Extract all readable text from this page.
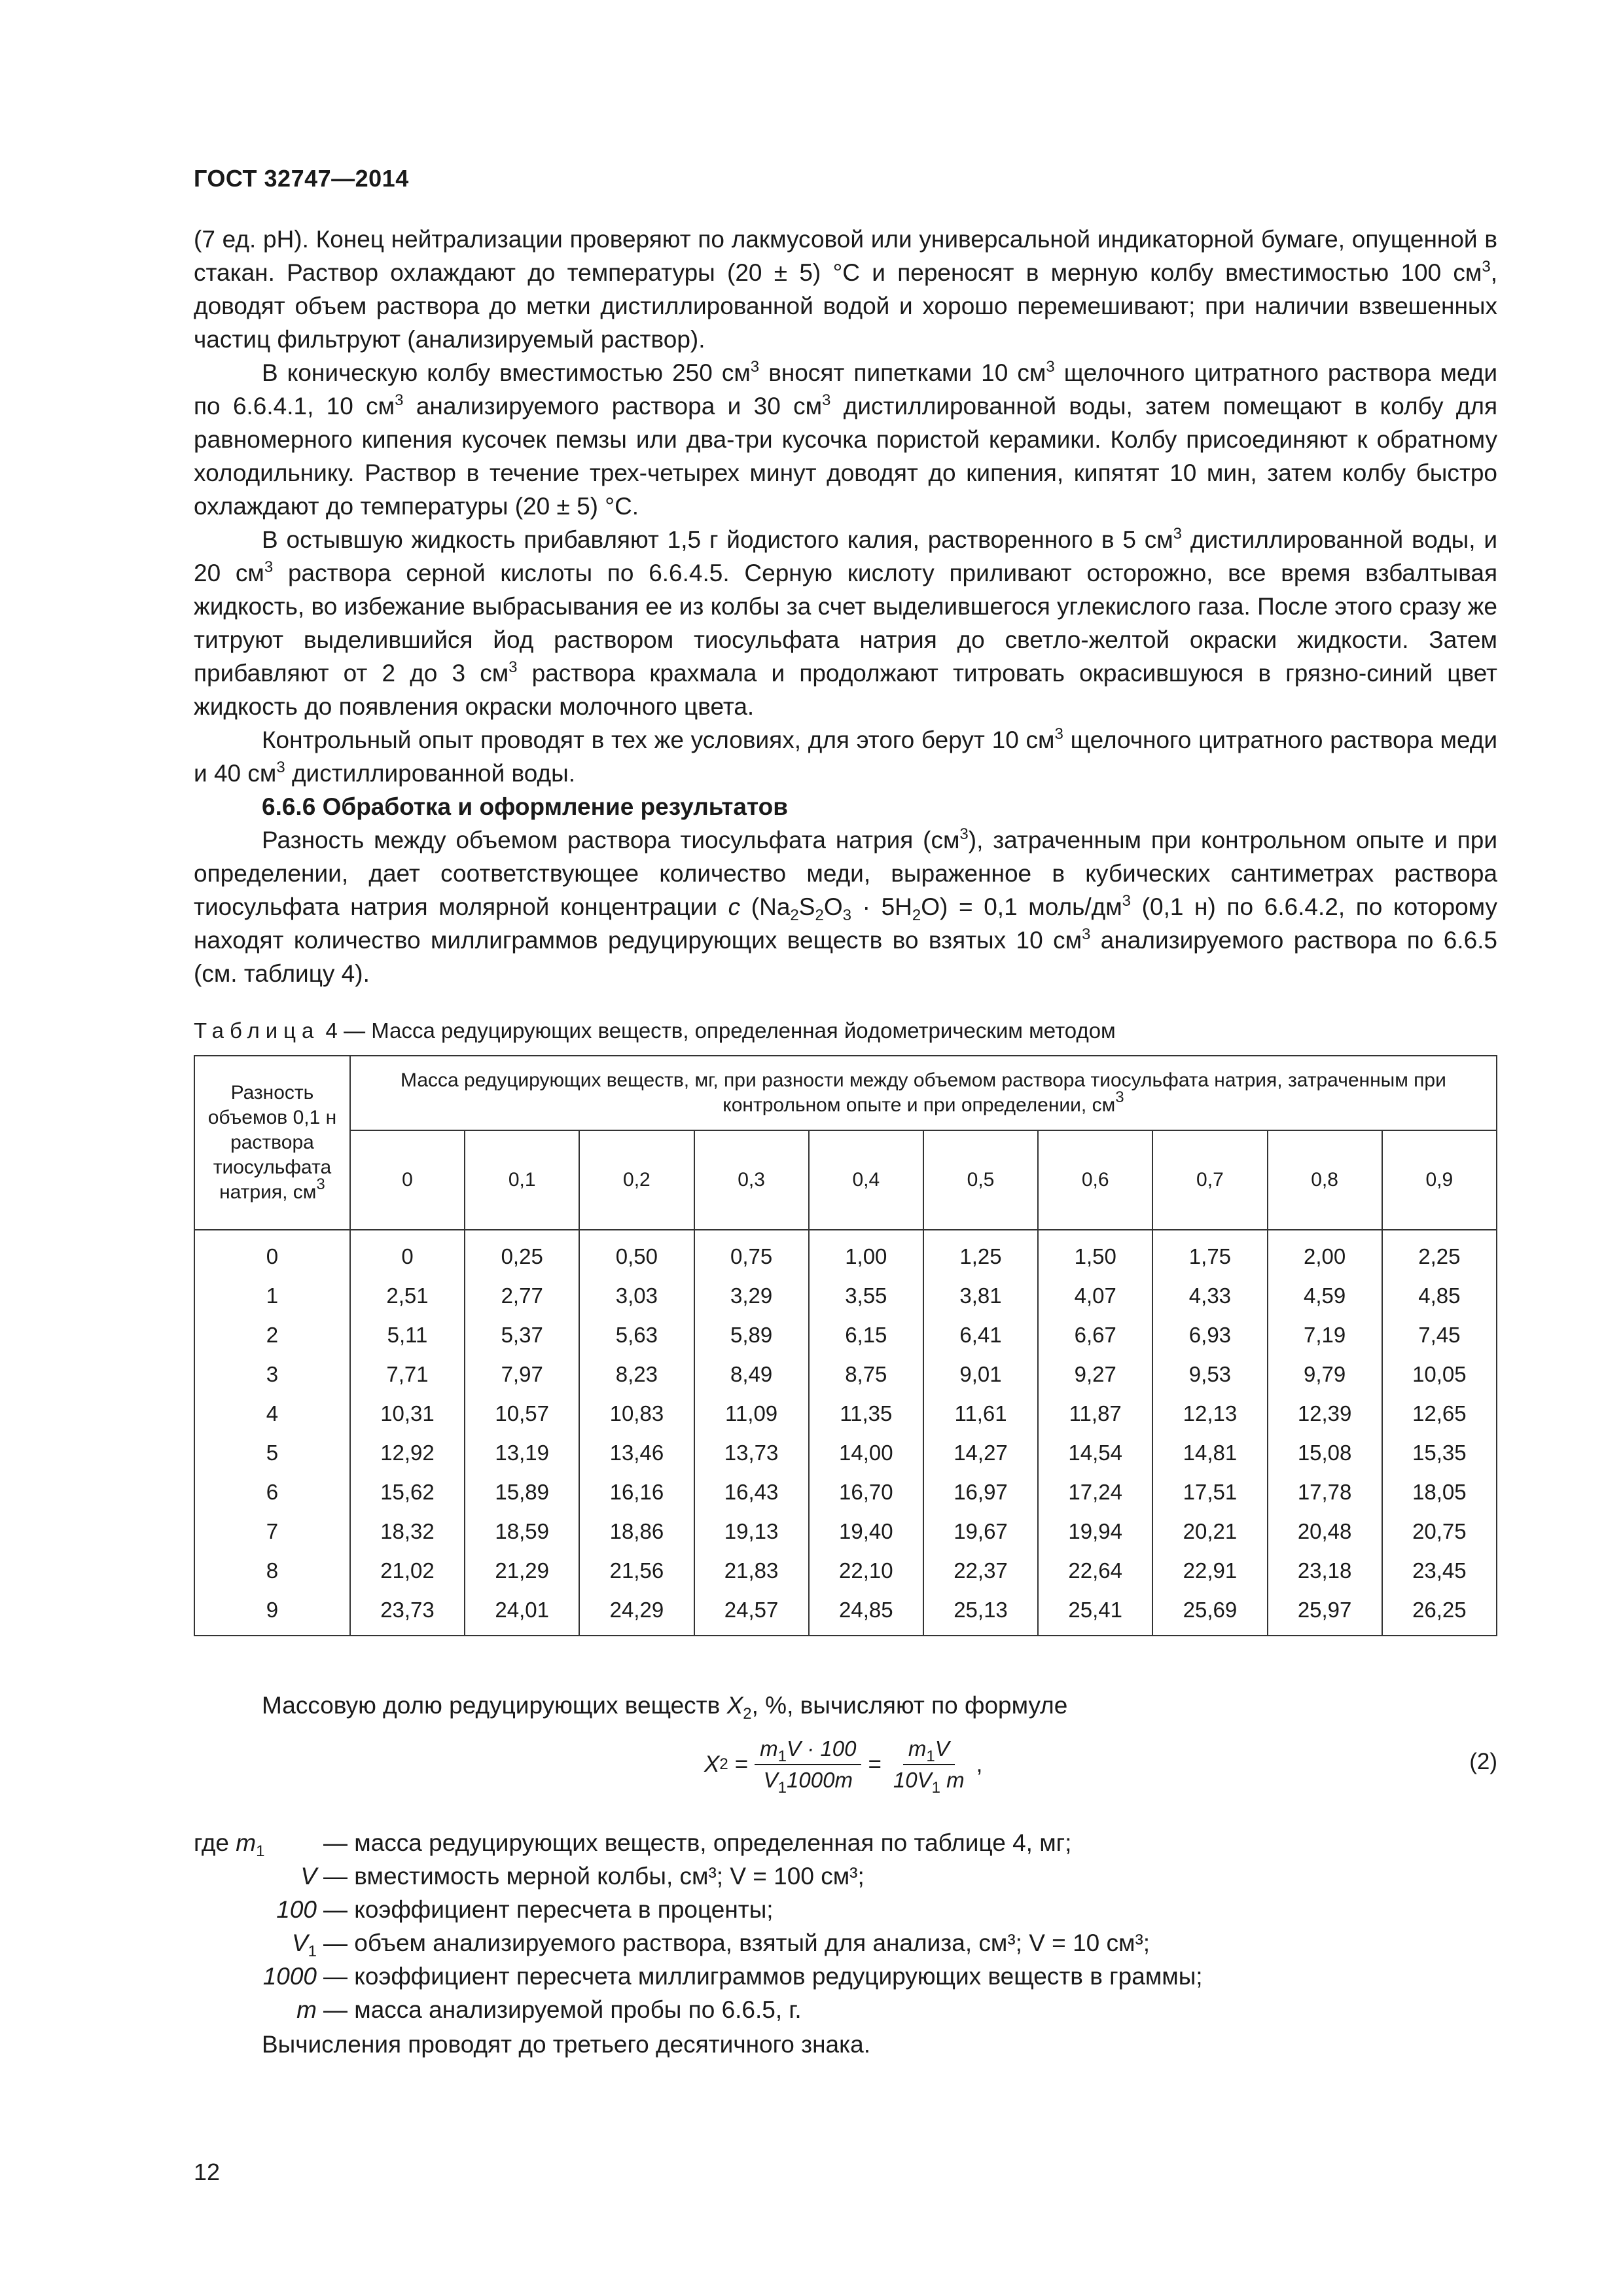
ГОСТ 32747—2014

(7 ед. pH). Конец нейтрализации проверяют по лакмусовой или универсальной индикаторной бумаге, опущенной в стакан. Раствор охлаждают до температуры (20 ± 5) °C и переносят в мерную колбу вместимостью 100 $см^3$, доводят объем раствора до метки дистиллированной водой и хорошо перемешивают; при наличии взвешенных частиц фильтруют (анализируемый раствор).

В коническую колбу вместимостью 250 $см^3$ вносят пипетками 10 $см^3$ щелочного цитратного раствора меди по 6.6.4.1, 10 $см^3$ анализируемого раствора и 30 $см^3$ дистиллированной воды, затем помещают в колбу для равномерного кипения кусочек пемзы или два-три кусочка пористой керамики. Колбу присоединяют к обратному холодильнику. Раствор в течение трех-четырех минут доводят до кипения, кипятят 10 мин, затем колбу быстро охлаждают до температуры (20 ± 5) °C.

В остывшую жидкость прибавляют 1,5 г йодистого калия, растворенного в 5 $см^3$ дистиллированной воды, и 20 $см^3$ раствора серной кислоты по 6.6.4.5. Серную кислоту приливают осторожно, все время взбалтывая жидкость, во избежание выбрасывания ее из колбы за счет выделившегося углекислого газа. После этого сразу же титруют выделившийся йод раствором тиосульфата натрия до светло-желтой окраски жидкости. Затем прибавляют от 2 до 3 $см^3$ раствора крахмала и продолжают титровать окрасившуюся в грязно-синий цвет жидкость до появления окраски молочного цвета.

Контрольный опыт проводят в тех же условиях, для этого берут 10 $см^3$ щелочного цитратного раствора меди и 40 $см^3$ дистиллированной воды.

6.6.6 Обработка и оформление результатов

Разность между объемом раствора тиосульфата натрия $(см^3)$, затраченным при контрольном опыте и при определении, дает соответствующее количество меди, выраженное в кубических сантиметрах раствора тиосульфата натрия молярной концентрации c $(Na_2S_2O_3 \cdot 5H_2O) = 0,1$ моль/$дм^3$ (0,1 н) по 6.6.4.2, по которому находят количество миллиграммов редуцирующих веществ во взятых 10 $см^3$ анализируемого раствора по 6.6.5 (см. таблицу 4).

Таблица 4 — Масса редуцирующих веществ, определенная йодометрическим методом
Разность объемов 0,1 н раствора тиосульфата натрия, $см^3$	Масса редуцирующих веществ, мг, при разности между объемом раствора тиосульфата натрия, затраченным при контрольном опыте и при определении, $см^3$
	0	0,1	0,2	0,3	0,4	0,5	0,6	0,7	0,8	0,9
0	0	0,25	0,50	0,75	1,00	1,25	1,50	1,75	2,00	2,25
1	2,51	2,77	3,03	3,29	3,55	3,81	4,07	4,33	4,59	4,85
2	5,11	5,37	5,63	5,89	6,15	6,41	6,67	6,93	7,19	7,45
3	7,71	7,97	8,23	8,49	8,75	9,01	9,27	9,53	9,79	10,05
4	10,31	10,57	10,83	11,09	11,35	11,61	11,87	12,13	12,39	12,65
5	12,92	13,19	13,46	13,73	14,00	14,27	14,54	14,81	15,08	15,35
6	15,62	15,89	16,16	16,43	16,70	16,97	17,24	17,51	17,78	18,05
7	18,32	18,59	18,86	19,13	19,40	19,67	19,94	20,21	20,48	20,75
8	21,02	21,29	21,56	21,83	22,10	22,37	22,64	22,91	23,18	23,45
9	23,73	24,01	24,29	24,57	24,85	25,13	25,41	25,69	25,97	26,25
Массовую долю редуцирующих веществ $X_2$, %, вычисляют по формуле
X $2 = \frac{m_1V \cdot 100}{V_11000m} = \frac{m_1V}{10V_1 m}$ ,	(2)
где $m_1$	— масса редуцирующих веществ, определенная по таблице 4, мг;
V — вместимость мерной колбы, см³; V = 100 см³;
100 — коэффициент пересчета в проценты;
$V_1$ — объем анализируемого раствора, взятый для анализа, см³; V = 10 см³;
1000 — коэффициент пересчета миллиграммов редуцирующих веществ в граммы;
m — масса анализируемой пробы по 6.6.5, г.
Вычисления проводят до третьего десятичного знака.
12
